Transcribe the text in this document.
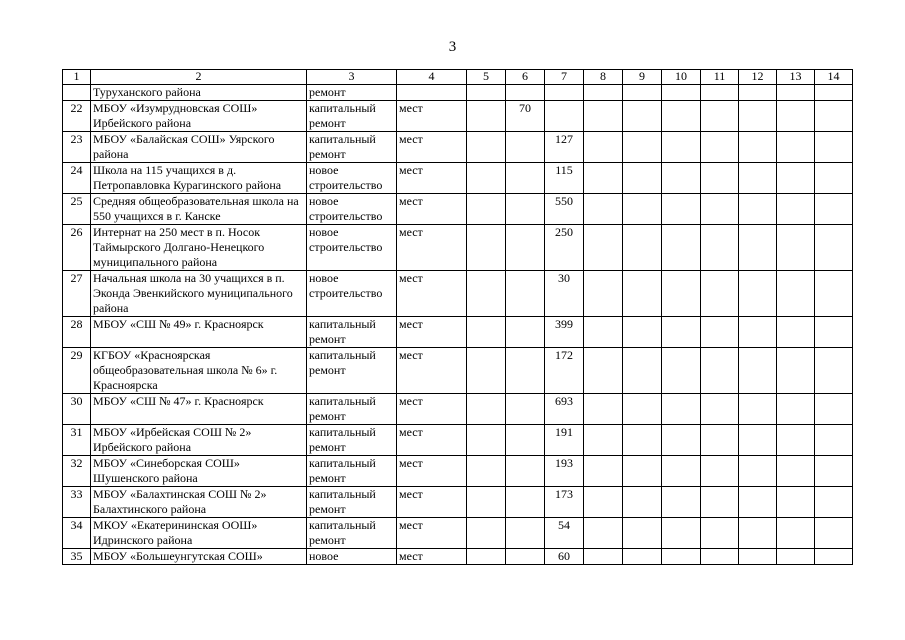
3
1	2	3	4	5	6	7	8	9	10	11	12	13	14
	Туруханского района	ремонт											
22	МБОУ «Изумрудновская СОШ» Ирбейского района	капитальный ремонт	мест		70								
23	МБОУ «Балайская СОШ» Уярского района	капитальный ремонт	мест			127							
24	Школа на 115 учащихся в д. Петропавловка Курагинского района	новое строительство	мест			115							
25	Средняя общеобразовательная школа на 550 учащихся в г. Канске	новое строительство	мест			550							
26	Интернат на 250 мест в п. Носок Таймырского Долгано-Ненецкого муниципального района	новое строительство	мест			250							
27	Начальная школа на 30 учащихся в п. Эконда Эвенкийского муниципального района	новое строительство	мест			30							
28	МБОУ «СШ № 49» г. Красноярск	капитальный ремонт	мест			399							
29	КГБОУ «Красноярская общеобразовательная школа № 6» г. Красноярска	капитальный ремонт	мест			172							
30	МБОУ «СШ № 47» г. Красноярск	капитальный ремонт	мест			693							
31	МБОУ «Ирбейская СОШ № 2» Ирбейского района	капитальный ремонт	мест			191							
32	МБОУ «Синеборская СОШ» Шушенского района	капитальный ремонт	мест			193							
33	МБОУ «Балахтинская СОШ № 2» Балахтинского района	капитальный ремонт	мест			173							
34	МКОУ «Екатерининская ООШ» Идринского района	капитальный ремонт	мест			54							
35	МБОУ «Большеунгутская СОШ»	новое	мест			60							
